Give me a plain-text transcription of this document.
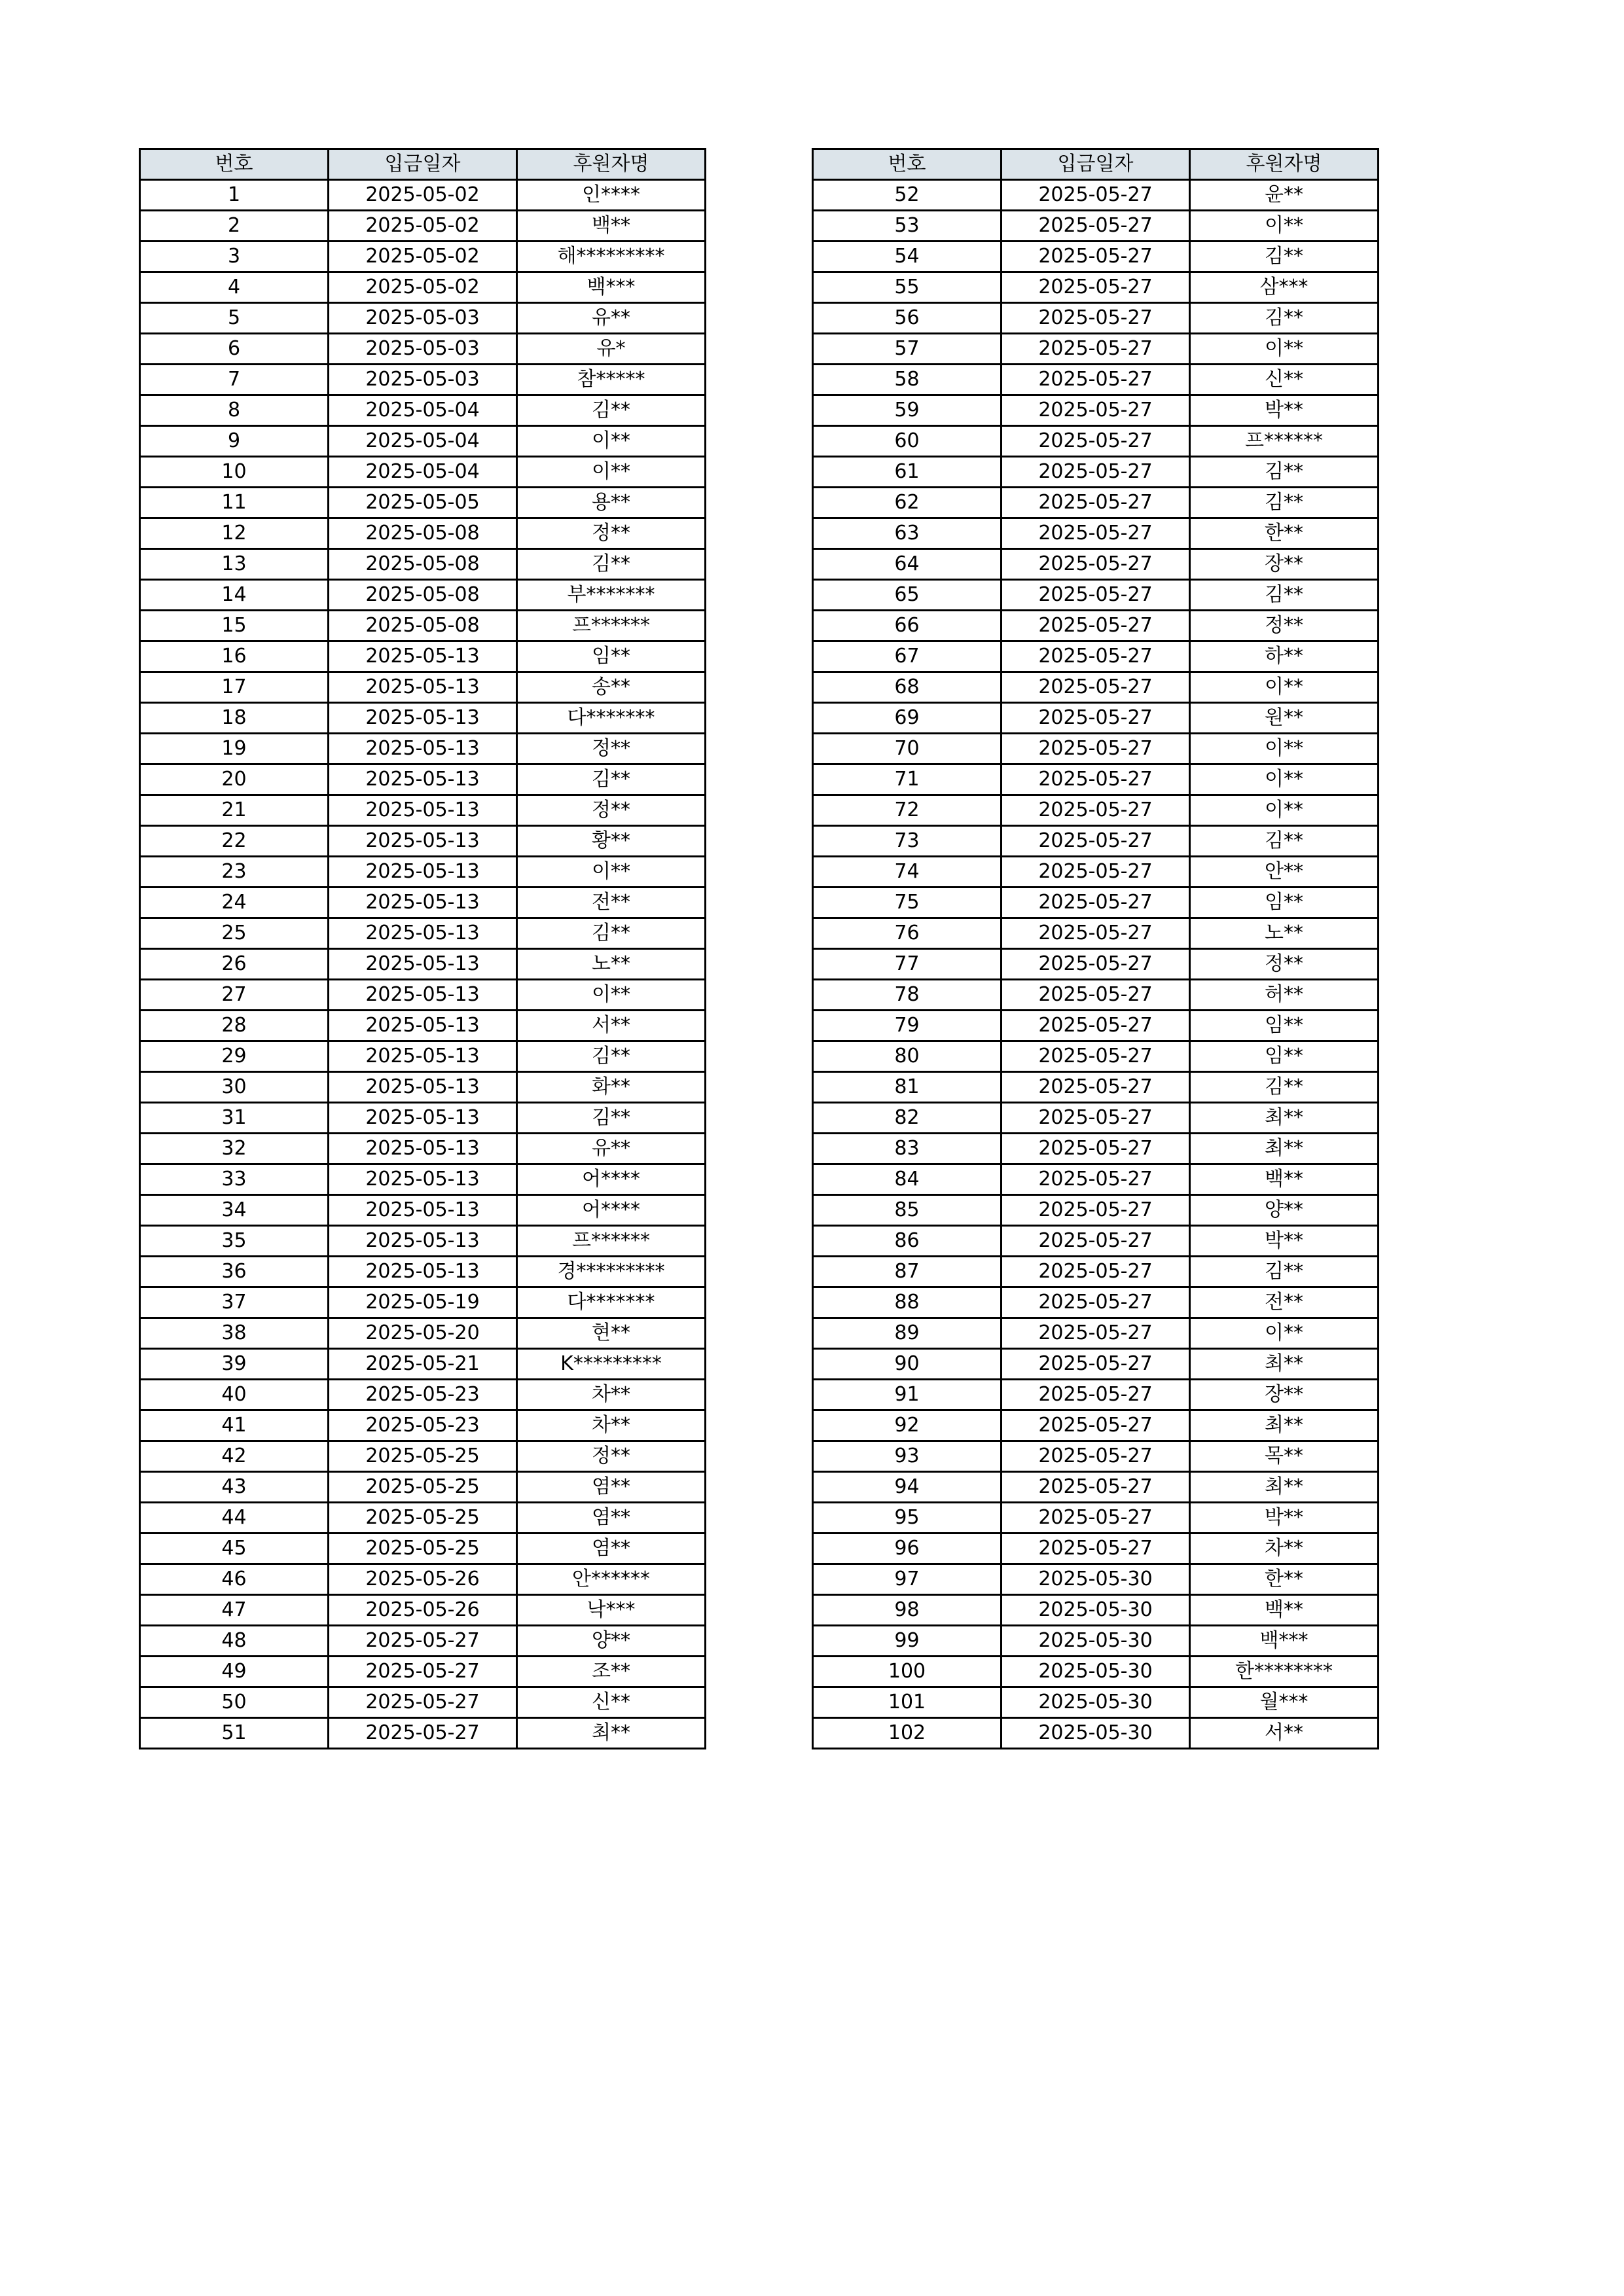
번호	입금일자	후원자명
1	2025-05-02	인****
2	2025-05-02	백**
3	2025-05-02	해*********
4	2025-05-02	백***
5	2025-05-03	유**
6	2025-05-03	유*
7	2025-05-03	참*****
8	2025-05-04	김**
9	2025-05-04	이**
10	2025-05-04	이**
11	2025-05-05	용**
12	2025-05-08	정**
13	2025-05-08	김**
14	2025-05-08	부*******
15	2025-05-08	프******
16	2025-05-13	임**
17	2025-05-13	송**
18	2025-05-13	다*******
19	2025-05-13	정**
20	2025-05-13	김**
21	2025-05-13	정**
22	2025-05-13	황**
23	2025-05-13	이**
24	2025-05-13	전**
25	2025-05-13	김**
26	2025-05-13	노**
27	2025-05-13	이**
28	2025-05-13	서**
29	2025-05-13	김**
30	2025-05-13	화**
31	2025-05-13	김**
32	2025-05-13	유**
33	2025-05-13	어****
34	2025-05-13	어****
35	2025-05-13	프******
36	2025-05-13	경*********
37	2025-05-19	다*******
38	2025-05-20	현**
39	2025-05-21	K*********
40	2025-05-23	차**
41	2025-05-23	차**
42	2025-05-25	정**
43	2025-05-25	염**
44	2025-05-25	염**
45	2025-05-25	염**
46	2025-05-26	안******
47	2025-05-26	낙***
48	2025-05-27	양**
49	2025-05-27	조**
50	2025-05-27	신**
51	2025-05-27	최**
번호	입금일자	후원자명
52	2025-05-27	윤**
53	2025-05-27	이**
54	2025-05-27	김**
55	2025-05-27	삼***
56	2025-05-27	김**
57	2025-05-27	이**
58	2025-05-27	신**
59	2025-05-27	박**
60	2025-05-27	프******
61	2025-05-27	김**
62	2025-05-27	김**
63	2025-05-27	한**
64	2025-05-27	장**
65	2025-05-27	김**
66	2025-05-27	정**
67	2025-05-27	하**
68	2025-05-27	이**
69	2025-05-27	원**
70	2025-05-27	이**
71	2025-05-27	이**
72	2025-05-27	이**
73	2025-05-27	김**
74	2025-05-27	안**
75	2025-05-27	임**
76	2025-05-27	노**
77	2025-05-27	정**
78	2025-05-27	허**
79	2025-05-27	임**
80	2025-05-27	임**
81	2025-05-27	김**
82	2025-05-27	최**
83	2025-05-27	최**
84	2025-05-27	백**
85	2025-05-27	양**
86	2025-05-27	박**
87	2025-05-27	김**
88	2025-05-27	전**
89	2025-05-27	이**
90	2025-05-27	최**
91	2025-05-27	장**
92	2025-05-27	최**
93	2025-05-27	목**
94	2025-05-27	최**
95	2025-05-27	박**
96	2025-05-27	차**
97	2025-05-30	한**
98	2025-05-30	백**
99	2025-05-30	백***
100	2025-05-30	한********
101	2025-05-30	월***
102	2025-05-30	서**
